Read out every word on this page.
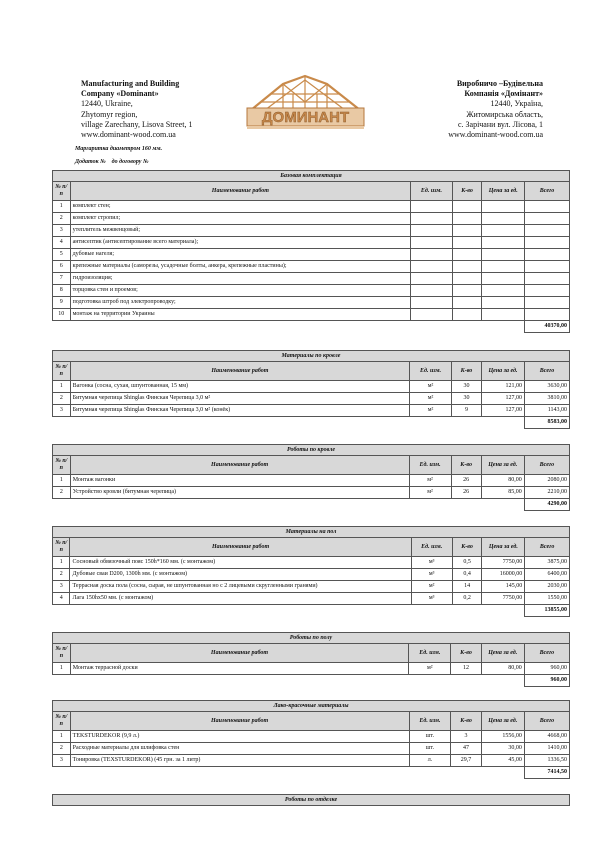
Manufacturing and Building
Company «Dominant»
12440, Ukraine,
Zhytomyr region,
village Zarechany, Lisova Street, 1
www.dominant-wood.com.ua
ДОМИНАНТ
Виробничо –Будівельна
Компанія «Домінант»
12440, Україна,
Житомирська область,
с. Зарічани вул. Лісова, 1
www.dominant-wood.com.ua
Маргаритка диаметром 160 мм.
Додаток №    до договору №
Базовая комплектация					
№ п/п	Наименование работ	Ед. изм.	К-во	Цена за ед.	Всего
1	комплект стен;				
2	комплект стропил;				
3	утеплитель межвенцовый;				
4	антисептик (антисептирование всего материала);				
5	дубовые нагеля;				
6	крепежные материалы (саморезы, усадочные болты, анкера, крепежные пластины);				
7	гидроизоляция;				
8	торцовка стен и проемов;				
9	подготовка штроб под электропроводку;				
10	монтаж на территории Украины				
					40370,00
Материалы по кровле					
№ п/п	Наименование работ	Ед. изм.	К-во	Цена за ед.	Всего
1	Вагонка (сосна, сухая, шпунтованная, 15 мм)	м²	30	121,00	3630,00
2	Битумная черепица Shinglas Финская Черепица 3,0 м²	м²	30	127,00	3810,00
3	Битумная черепица Shinglas Финская Черепица 3,0 м² (конёк)	м²	9	127,00	1143,00
					8583,00
Роботы по кровле					
№ п/п	Наименование работ	Ед. изм.	К-во	Цена за ед.	Всего
1	Монтаж вагонки	м²	26	80,00	2080,00
2	Устройство кровли (битумная черепица)	м²	26	85,00	2210,00
					4290,00
Материалы на пол					
№ п/п	Наименование работ	Ед. изм.	К-во	Цена за ед.	Всего
1	Сосновый обвязочный пояс 150h*160 мм. (с монтажом)	м³	0,5	7750,00	3875,00
2	Дубовые сваи D200, 1300h мм. (с монтажом)	м³	0,4	16000,00	6400,00
3	Террасная доска пола (сосна, сырая, не шпунтованная но с 2 лицевыми скругленными гранями)	м²	14	145,00	2030,00
4	Лага 150hx50 мм. (с монтажом)	м³	0,2	7750,00	1550,00
					13855,00
Роботы по полу					
№ п/п	Наименование работ	Ед. изм.	К-во	Цена за ед.	Всего
1	Монтаж террасной доски	м²	12	80,00	960,00
					960,00
Лако-красочные материалы					
№ п/п	Наименование работ	Ед. изм.	К-во	Цена за ед.	Всего
1	TEKSTURDEKOR (9,9 л.)	шт.	3	1556,00	4668,00
2	Расходные материалы для шлифовка стен	шт.	47	30,00	1410,00
3	Тонировка (TEXSTURDEKOR) (45 грн. за 1 литр)	л.	29,7	45,00	1336,50
					7414,50
Роботы по отделке
